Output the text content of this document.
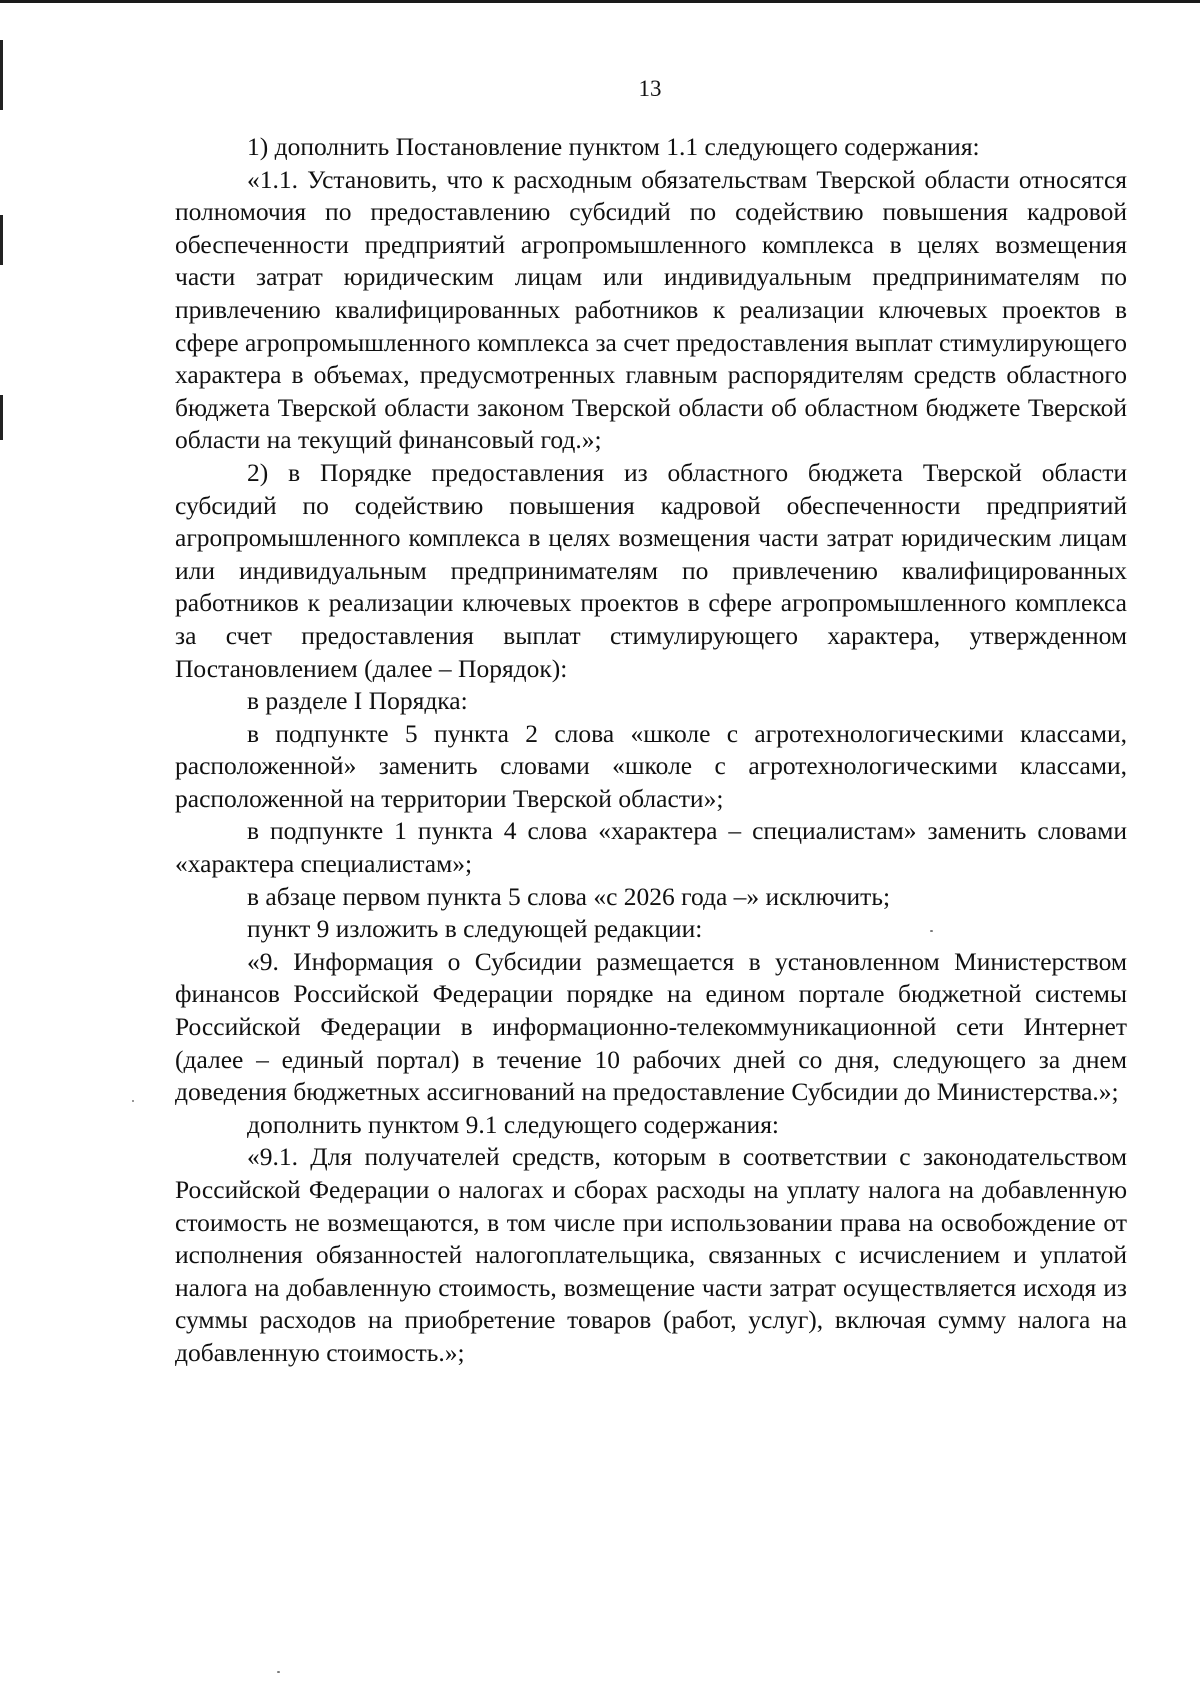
13

1) дополнить Постановление пунктом 1.1 следующего содержания:

«1.1. Установить, что к расходным обязательствам Тверской области относятся полномочия по предоставлению субсидий по содействию повышения кадровой обеспеченности предприятий агропромышленного комплекса в целях возмещения части затрат юридическим лицам или индивидуальным предпринимателям по привлечению квалифицированных работников к реализации ключевых проектов в сфере агропромышленного комплекса за счет предоставления выплат стимулирующего характера в объемах, предусмотренных главным распорядителям средств областного бюджета Тверской области законом Тверской области об областном бюджете Тверской области на текущий финансовый год.»;

2) в Порядке предоставления из областного бюджета Тверской области субсидий по содействию повышения кадровой обеспеченности предприятий агропромышленного комплекса в целях возмещения части затрат юридическим лицам или индивидуальным предпринимателям по привлечению квалифицированных работников к реализации ключевых проектов в сфере агропромышленного комплекса за счет предоставления выплат стимулирующего характера, утвержденном Постановлением (далее – Порядок):

в разделе I Порядка:

в подпункте 5 пункта 2 слова «школе с агротехнологическими классами, расположенной» заменить словами «школе с агротехнологическими классами, расположенной на территории Тверской области»;

в подпункте 1 пункта 4 слова «характера – специалистам» заменить словами «характера специалистам»;

в абзаце первом пункта 5 слова «с 2026 года –» исключить;

пункт 9 изложить в следующей редакции:

«9. Информация о Субсидии размещается в установленном Министерством финансов Российской Федерации порядке на едином портале бюджетной системы Российской Федерации в информационно-телекоммуникационной сети Интернет (далее – единый портал) в течение 10 рабочих дней со дня, следующего за днем доведения бюджетных ассигнований на предоставление Субсидии до Министерства.»;

дополнить пунктом 9.1 следующего содержания:

«9.1. Для получателей средств, которым в соответствии с законодательством Российской Федерации о налогах и сборах расходы на уплату налога на добавленную стоимость не возмещаются, в том числе при использовании права на освобождение от исполнения обязанностей налогоплательщика, связанных с исчислением и уплатой налога на добавленную стоимость, возмещение части затрат осуществляется исходя из суммы расходов на приобретение товаров (работ, услуг), включая сумму налога на добавленную стоимость.»;
